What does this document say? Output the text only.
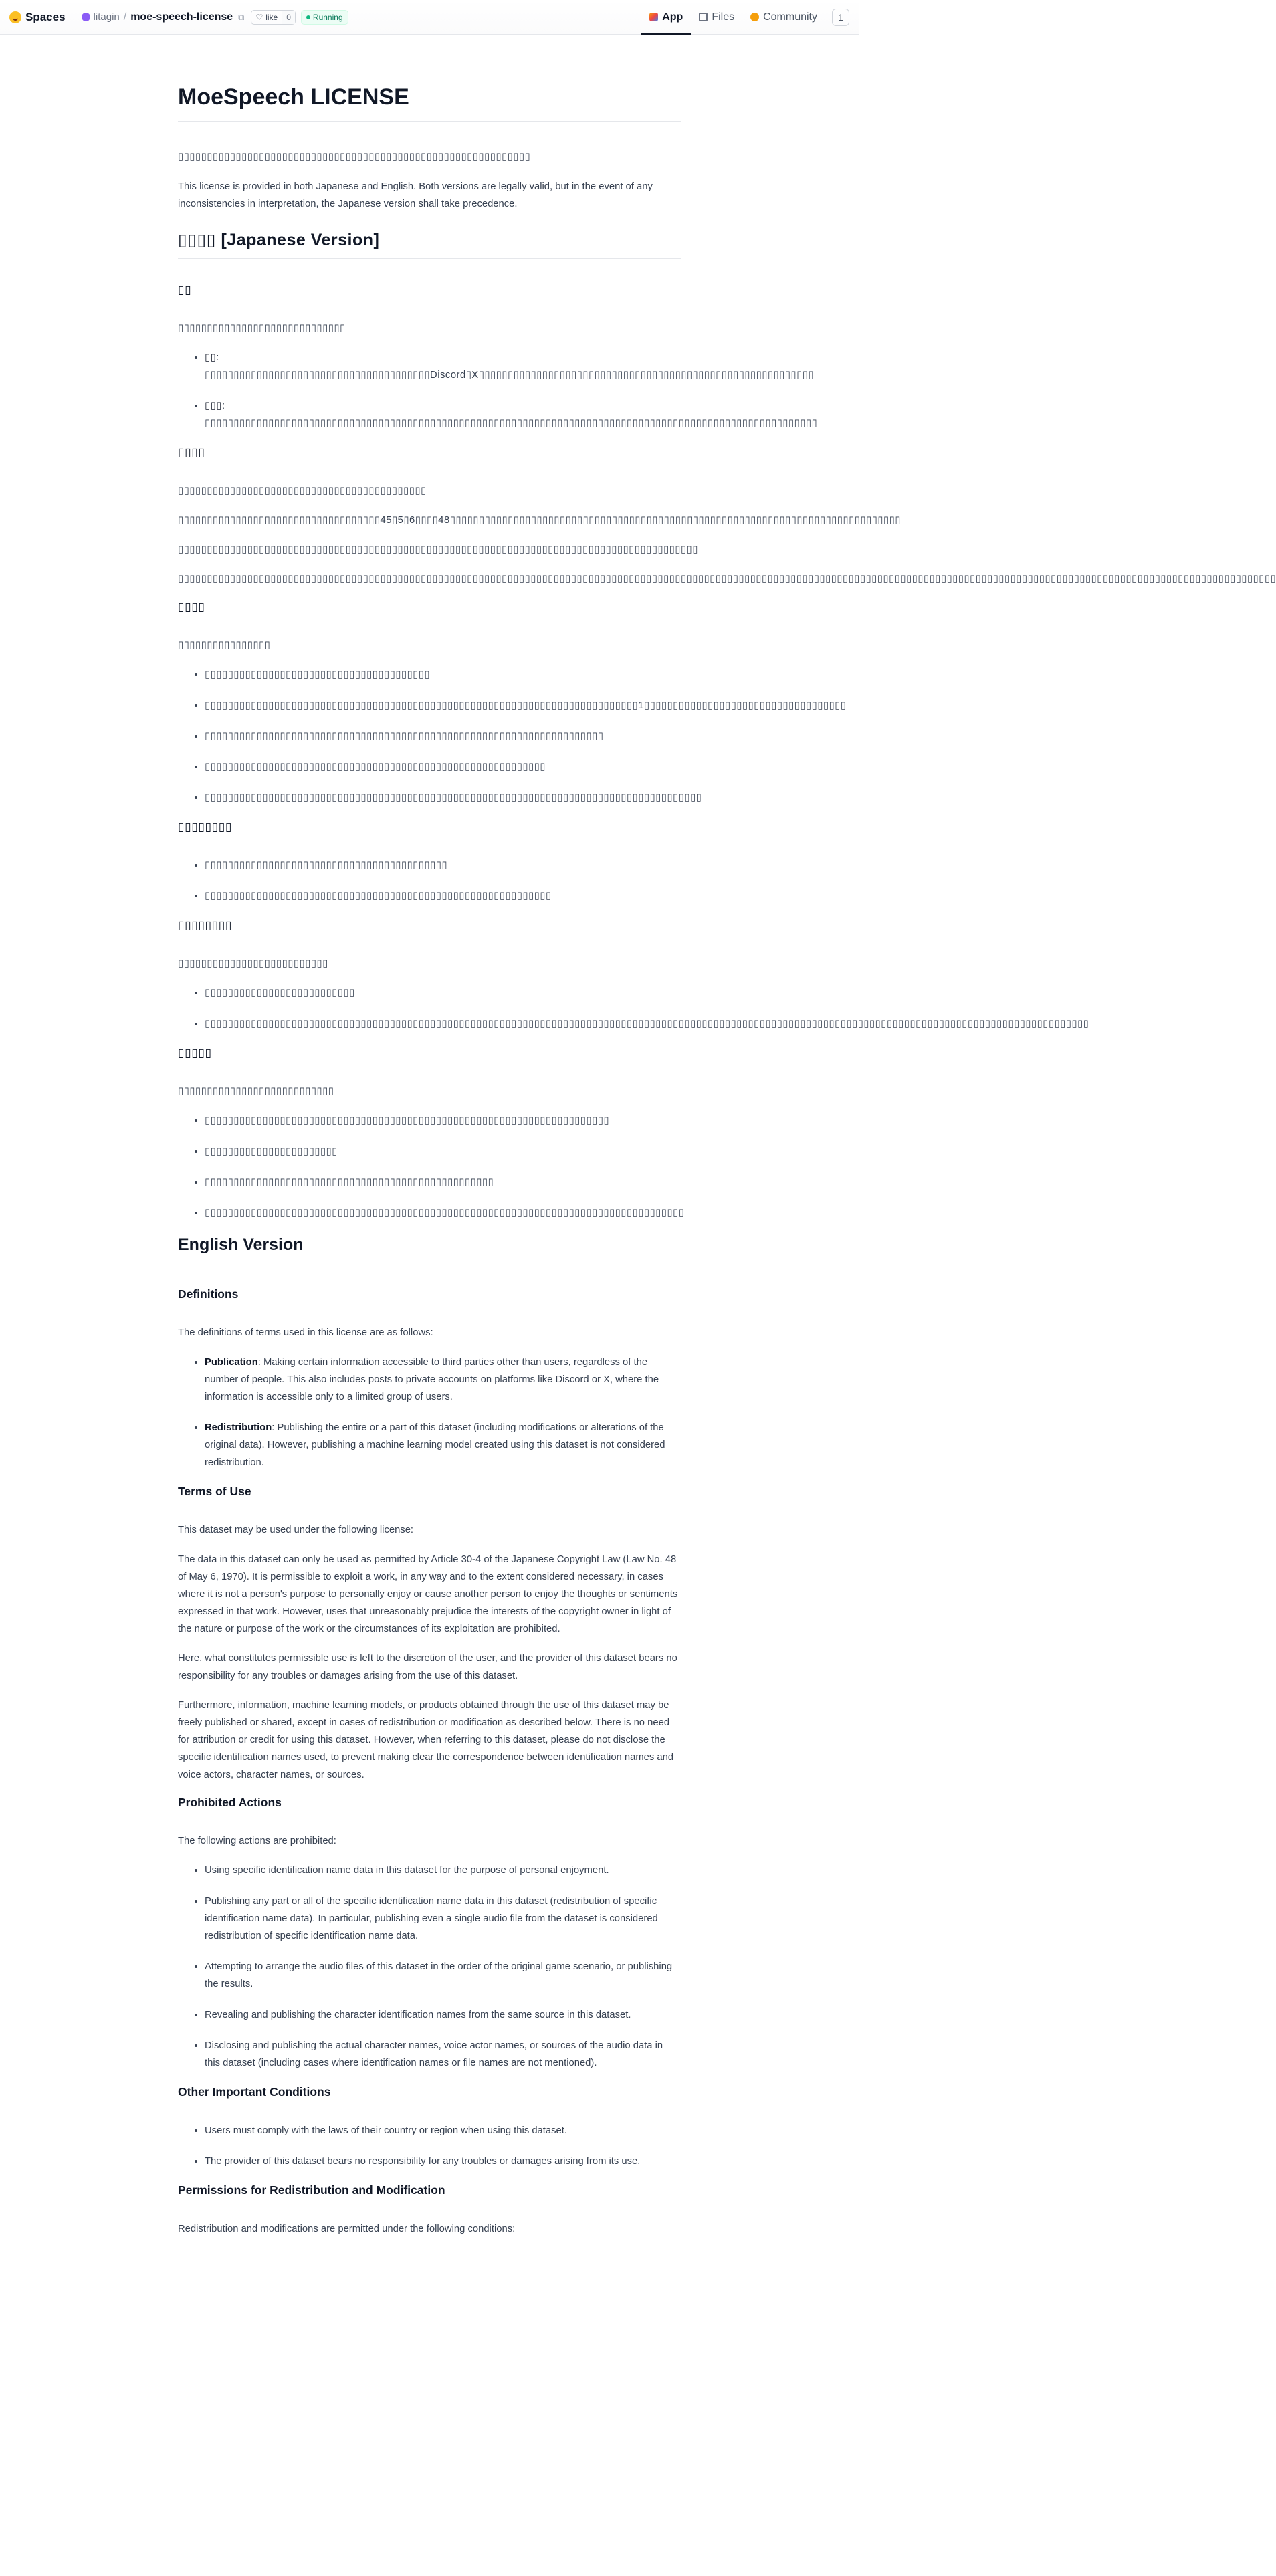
Spaces	litagin / moe-speech-license ⧉ ♡ like	0	Running	App	Files	Community 1
MoeSpeech LICENSE

▯▯▯▯▯▯▯▯▯▯▯▯▯▯▯▯▯▯▯▯▯▯▯▯▯▯▯▯▯▯▯▯▯▯▯▯▯▯▯▯▯▯▯▯▯▯▯▯▯▯▯▯▯▯▯▯▯▯▯▯▯

This license is provided in both Japanese and English. Both versions are legally valid, but in the event of any inconsistencies in interpretation, the Japanese version shall take precedence.

▯▯▯▯ [Japanese Version]
▯▯

▯▯▯▯▯▯▯▯▯▯▯▯▯▯▯▯▯▯▯▯▯▯▯▯▯▯▯▯▯

• ▯▯: ▯▯▯▯▯▯▯▯▯▯▯▯▯▯▯▯▯▯▯▯▯▯▯▯▯▯▯▯▯▯▯▯▯▯▯▯▯▯▯Discord▯X▯▯▯▯▯▯▯▯▯▯▯▯▯▯▯▯▯▯▯▯▯▯▯▯▯▯▯▯▯▯▯▯▯▯▯▯▯▯▯▯▯▯▯▯▯▯▯▯▯▯▯▯▯▯▯▯▯▯
• ▯▯▯: ▯▯▯▯▯▯▯▯▯▯▯▯▯▯▯▯▯▯▯▯▯▯▯▯▯▯▯▯▯▯▯▯▯▯▯▯▯▯▯▯▯▯▯▯▯▯▯▯▯▯▯▯▯▯▯▯▯▯▯▯▯▯▯▯▯▯▯▯▯▯▯▯▯▯▯▯▯▯▯▯▯▯▯▯▯▯▯▯▯▯▯▯▯▯▯▯▯▯▯▯▯▯▯▯▯▯
▯▯▯▯

▯▯▯▯▯▯▯▯▯▯▯▯▯▯▯▯▯▯▯▯▯▯▯▯▯▯▯▯▯▯▯▯▯▯▯▯▯▯▯▯▯▯▯

▯▯▯▯▯▯▯▯▯▯▯▯▯▯▯▯▯▯▯▯▯▯▯▯▯▯▯▯▯▯▯▯▯▯▯45▯5▯6▯▯▯▯48▯▯▯▯▯▯▯▯▯▯▯▯▯▯▯▯▯▯▯▯▯▯▯▯▯▯▯▯▯▯▯▯▯▯▯▯▯▯▯▯▯▯▯▯▯▯▯▯▯▯▯▯▯▯▯▯▯▯▯▯▯▯▯▯▯▯▯▯▯▯▯▯▯▯▯▯▯▯

▯▯▯▯▯▯▯▯▯▯▯▯▯▯▯▯▯▯▯▯▯▯▯▯▯▯▯▯▯▯▯▯▯▯▯▯▯▯▯▯▯▯▯▯▯▯▯▯▯▯▯▯▯▯▯▯▯▯▯▯▯▯▯▯▯▯▯▯▯▯▯▯▯▯▯▯▯▯▯▯▯▯▯▯▯▯▯▯▯▯

▯▯▯▯▯▯▯▯▯▯▯▯▯▯▯▯▯▯▯▯▯▯▯▯▯▯▯▯▯▯▯▯▯▯▯▯▯▯▯▯▯▯▯▯▯▯▯▯▯▯▯▯▯▯▯▯▯▯▯▯▯▯▯▯▯▯▯▯▯▯▯▯▯▯▯▯▯▯▯▯▯▯▯▯▯▯▯▯▯▯▯▯▯▯▯▯▯▯▯▯▯▯▯▯▯▯▯▯▯▯▯▯▯▯▯▯▯▯▯▯▯▯▯▯▯▯▯▯▯▯▯▯▯▯▯▯▯▯▯▯▯▯▯▯▯▯▯▯▯▯▯▯▯▯▯▯▯▯▯▯▯▯▯▯▯▯▯▯▯▯▯▯▯▯▯▯▯▯▯▯▯▯▯▯▯▯▯▯▯▯

▯▯▯▯

▯▯▯▯▯▯▯▯▯▯▯▯▯▯▯▯

• ▯▯▯▯▯▯▯▯▯▯▯▯▯▯▯▯▯▯▯▯▯▯▯▯▯▯▯▯▯▯▯▯▯▯▯▯▯▯▯
• ▯▯▯▯▯▯▯▯▯▯▯▯▯▯▯▯▯▯▯▯▯▯▯▯▯▯▯▯▯▯▯▯▯▯▯▯▯▯▯▯▯▯▯▯▯▯▯▯▯▯▯▯▯▯▯▯▯▯▯▯▯▯▯▯▯▯▯▯▯▯▯▯▯▯▯1▯▯▯▯▯▯▯▯▯▯▯▯▯▯▯▯▯▯▯▯▯▯▯▯▯▯▯▯▯▯▯▯▯▯▯
• ▯▯▯▯▯▯▯▯▯▯▯▯▯▯▯▯▯▯▯▯▯▯▯▯▯▯▯▯▯▯▯▯▯▯▯▯▯▯▯▯▯▯▯▯▯▯▯▯▯▯▯▯▯▯▯▯▯▯▯▯▯▯▯▯▯▯▯▯▯
• ▯▯▯▯▯▯▯▯▯▯▯▯▯▯▯▯▯▯▯▯▯▯▯▯▯▯▯▯▯▯▯▯▯▯▯▯▯▯▯▯▯▯▯▯▯▯▯▯▯▯▯▯▯▯▯▯▯▯▯
• ▯▯▯▯▯▯▯▯▯▯▯▯▯▯▯▯▯▯▯▯▯▯▯▯▯▯▯▯▯▯▯▯▯▯▯▯▯▯▯▯▯▯▯▯▯▯▯▯▯▯▯▯▯▯▯▯▯▯▯▯▯▯▯▯▯▯▯▯▯▯▯▯▯▯▯▯▯▯▯▯▯▯▯▯▯▯
▯▯▯▯▯▯▯▯
• ▯▯▯▯▯▯▯▯▯▯▯▯▯▯▯▯▯▯▯▯▯▯▯▯▯▯▯▯▯▯▯▯▯▯▯▯▯▯▯▯▯▯
• ▯▯▯▯▯▯▯▯▯▯▯▯▯▯▯▯▯▯▯▯▯▯▯▯▯▯▯▯▯▯▯▯▯▯▯▯▯▯▯▯▯▯▯▯▯▯▯▯▯▯▯▯▯▯▯▯▯▯▯▯
▯▯▯▯▯▯▯▯

▯▯▯▯▯▯▯▯▯▯▯▯▯▯▯▯▯▯▯▯▯▯▯▯▯▯

• ▯▯▯▯▯▯▯▯▯▯▯▯▯▯▯▯▯▯▯▯▯▯▯▯▯▯
• ▯▯▯▯▯▯▯▯▯▯▯▯▯▯▯▯▯▯▯▯▯▯▯▯▯▯▯▯▯▯▯▯▯▯▯▯▯▯▯▯▯▯▯▯▯▯▯▯▯▯▯▯▯▯▯▯▯▯▯▯▯▯▯▯▯▯▯▯▯▯▯▯▯▯▯▯▯▯▯▯▯▯▯▯▯▯▯▯▯▯▯▯▯▯▯▯▯▯▯▯▯▯▯▯▯▯▯▯▯▯▯▯▯▯▯▯▯▯▯▯▯▯▯▯▯▯▯▯▯▯▯▯▯▯▯▯▯▯▯▯▯▯▯▯▯▯▯▯▯▯▯▯▯
▯▯▯▯▯

▯▯▯▯▯▯▯▯▯▯▯▯▯▯▯▯▯▯▯▯▯▯▯▯▯▯▯

• ▯▯▯▯▯▯▯▯▯▯▯▯▯▯▯▯▯▯▯▯▯▯▯▯▯▯▯▯▯▯▯▯▯▯▯▯▯▯▯▯▯▯▯▯▯▯▯▯▯▯▯▯▯▯▯▯▯▯▯▯▯▯▯▯▯▯▯▯▯▯
• ▯▯▯▯▯▯▯▯▯▯▯▯▯▯▯▯▯▯▯▯▯▯▯
• ▯▯▯▯▯▯▯▯▯▯▯▯▯▯▯▯▯▯▯▯▯▯▯▯▯▯▯▯▯▯▯▯▯▯▯▯▯▯▯▯▯▯▯▯▯▯▯▯▯▯
• ▯▯▯▯▯▯▯▯▯▯▯▯▯▯▯▯▯▯▯▯▯▯▯▯▯▯▯▯▯▯▯▯▯▯▯▯▯▯▯▯▯▯▯▯▯▯▯▯▯▯▯▯▯▯▯▯▯▯▯▯▯▯▯▯▯▯▯▯▯▯▯▯▯▯▯▯▯▯▯▯▯▯▯
English Version
Definitions

The definitions of terms used in this license are as follows:

• Publication: Making certain information accessible to third parties other than users, regardless of the number of people. This also includes posts to private accounts on platforms like Discord or X, where the information is accessible only to a limited group of users.
• Redistribution: Publishing the entire or a part of this dataset (including modifications or alterations of the original data). However, publishing a machine learning model created using this dataset is not considered redistribution.
Terms of Use

This dataset may be used under the following license:

The data in this dataset can only be used as permitted by Article 30-4 of the Japanese Copyright Law (Law No. 48 of May 6, 1970). It is permissible to exploit a work, in any way and to the extent considered necessary, in cases where it is not a person's purpose to personally enjoy or cause another person to enjoy the thoughts or sentiments expressed in that work. However, uses that unreasonably prejudice the interests of the copyright owner in light of the nature or purpose of the work or the circumstances of its exploitation are prohibited.

Here, what constitutes permissible use is left to the discretion of the user, and the provider of this dataset bears no responsibility for any troubles or damages arising from the use of this dataset.

Furthermore, information, machine learning models, or products obtained through the use of this dataset may be freely published or shared, except in cases of redistribution or modification as described below. There is no need for attribution or credit for using this dataset. However, when referring to this dataset, please do not disclose the specific identification names used, to prevent making clear the correspondence between identification names and voice actors, character names, or sources.

Prohibited Actions

The following actions are prohibited:

• Using specific identification name data in this dataset for the purpose of personal enjoyment.
• Publishing any part or all of the specific identification name data in this dataset (redistribution of specific identification name data). In particular, publishing even a single audio file from the dataset is considered redistribution of specific identification name data.
• Attempting to arrange the audio files of this dataset in the order of the original game scenario, or publishing the results.
• Revealing and publishing the character identification names from the same source in this dataset.
• Disclosing and publishing the actual character names, voice actor names, or sources of the audio data in this dataset (including cases where identification names or file names are not mentioned).
Other Important Conditions
• Users must comply with the laws of their country or region when using this dataset.
• The provider of this dataset bears no responsibility for any troubles or damages arising from its use.
Permissions for Redistribution and Modification

Redistribution and modifications are permitted under the following conditions:
